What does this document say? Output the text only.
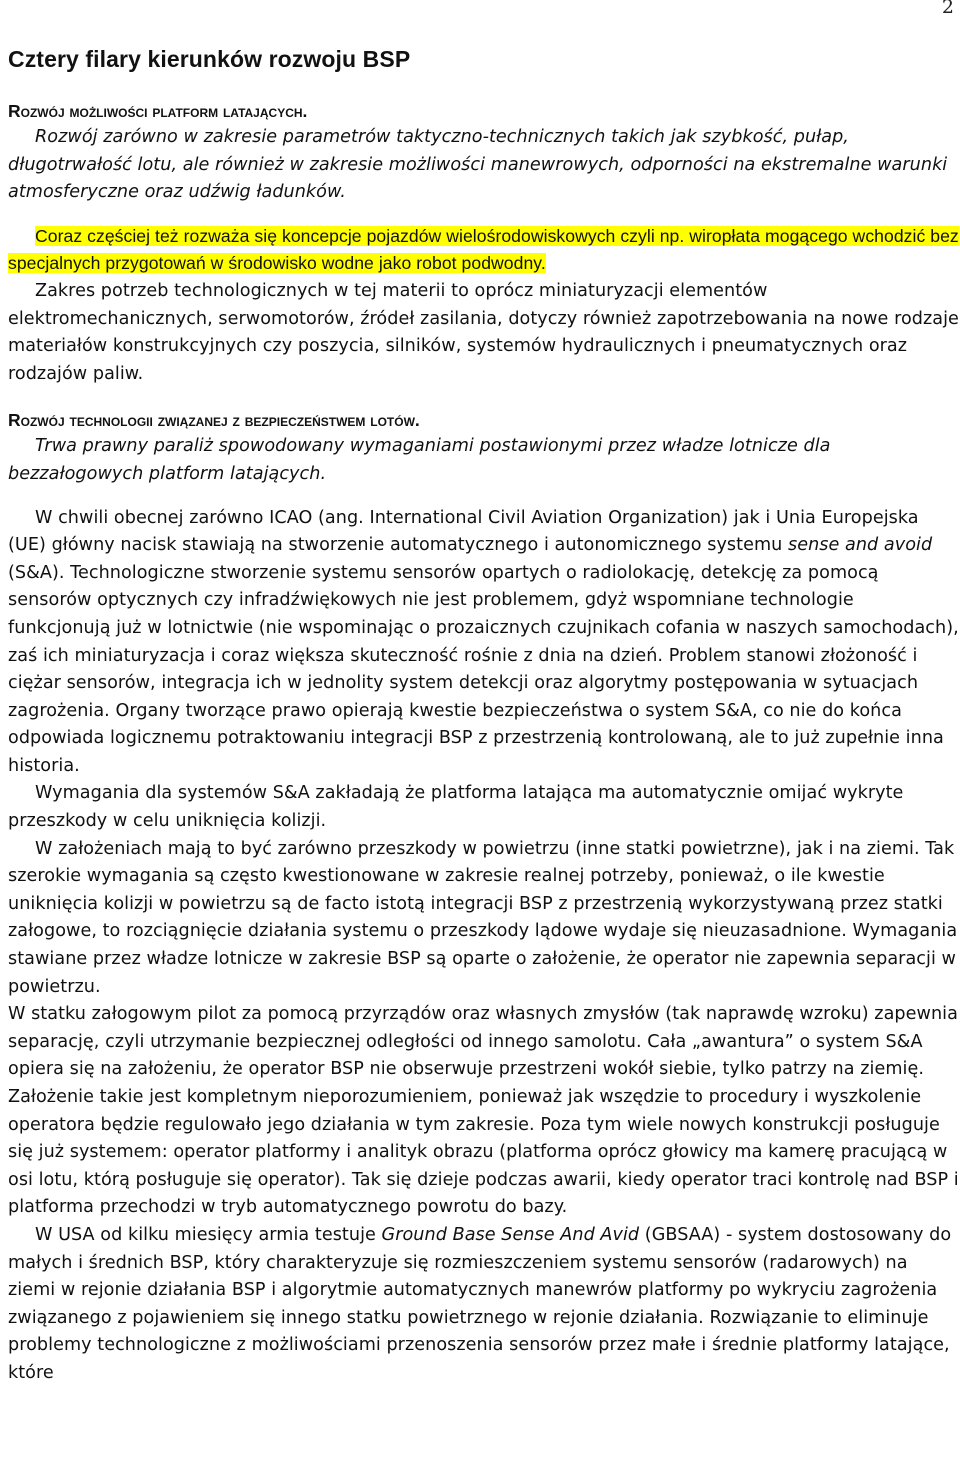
2
Cztery filary kierunków rozwoju BSP
Rozwój możliwości platform latających.

Rozwój zarówno w zakresie parametrów taktyczno-technicznych takich jak szybkość, pułap, długotrwałość lotu, ale również w zakresie możliwości manewrowych, odporności na ekstremalne warunki atmosferyczne oraz udźwig ładunków.

Coraz częściej też rozważa się koncepcje pojazdów wielośrodowiskowych czyli np. wiropłata mogącego wchodzić bez specjalnych przygotowań w środowisko wodne jako robot podwodny.

Zakres potrzeb technologicznych w tej materii to oprócz miniaturyzacji elementów elektromechanicznych, serwomotorów, źródeł zasilania, dotyczy również zapotrzebowania na nowe rodzaje materiałów konstrukcyjnych czy poszycia, silników, systemów hydraulicznych i pneumatycznych oraz rodzajów paliw.

Rozwój technologii związanej z bezpieczeństwem lotów.

Trwa prawny paraliż spowodowany wymaganiami postawionymi przez władze lotnicze dla bezzałogowych platform latających.

W chwili obecnej zarówno ICAO (ang. International Civil Aviation Organization) jak i Unia Europejska (UE) główny nacisk stawiają na stworzenie automatycznego i autonomicznego systemu sense and avoid (S&A). Technologiczne stworzenie systemu sensorów opartych o radiolokację, detekcję za pomocą sensorów optycznych czy infradźwiękowych nie jest problemem, gdyż wspomniane technologie funkcjonują już w lotnictwie (nie wspominając o prozaicznych czujnikach cofania w naszych samochodach), zaś ich miniaturyzacja i coraz większa skuteczność rośnie z dnia na dzień. Problem stanowi złożoność i ciężar sensorów, integracja ich w jednolity system detekcji oraz algorytmy postępowania w sytuacjach zagrożenia. Organy tworzące prawo opierają kwestie bezpieczeństwa o system S&A, co nie do końca odpowiada logicznemu potraktowaniu integracji BSP z przestrzenią kontrolowaną, ale to już zupełnie inna historia.

Wymagania dla systemów S&A zakładają że platforma latająca ma automatycznie omijać wykryte przeszkody w celu uniknięcia kolizji.

W założeniach mają to być zarówno przeszkody w powietrzu (inne statki powietrzne), jak i na ziemi. Tak szerokie wymagania są często kwestionowane w zakresie realnej potrzeby, ponieważ, o ile kwestie uniknięcia kolizji w powietrzu są de facto istotą integracji BSP z przestrzenią wykorzystywaną przez statki załogowe, to rozciągnięcie działania systemu o przeszkody lądowe wydaje się nieuzasadnione. Wymagania stawiane przez władze lotnicze w zakresie BSP są oparte o założenie, że operator nie zapewnia separacji w powietrzu.

W statku załogowym pilot za pomocą przyrządów oraz własnych zmysłów (tak naprawdę wzroku) zapewnia separację, czyli utrzymanie bezpiecznej odległości od innego samolotu. Cała „awantura” o system S&A opiera się na założeniu, że operator BSP nie obserwuje przestrzeni wokół siebie, tylko patrzy na ziemię. Założenie takie jest kompletnym nieporozumieniem, ponieważ jak wszędzie to procedury i wyszkolenie operatora będzie regulowało jego działania w tym zakresie. Poza tym wiele nowych konstrukcji posługuje się już systemem: operator platformy i analityk obrazu (platforma oprócz głowicy ma kamerę pracującą w osi lotu, którą posługuje się operator). Tak się dzieje podczas awarii, kiedy operator traci kontrolę nad BSP i platforma przechodzi w tryb automatycznego powrotu do bazy.

W USA od kilku miesięcy armia testuje Ground Base Sense And Avid (GBSAA) - system dostosowany do małych i średnich BSP, który charakteryzuje się rozmieszczeniem systemu sensorów (radarowych) na ziemi w rejonie działania BSP i algorytmie automatycznych manewrów platformy po wykryciu zagrożenia związanego z pojawieniem się innego statku powietrznego w rejonie działania. Rozwiązanie to eliminuje problemy technologiczne z możliwościami przenoszenia sensorów przez małe i średnie platformy latające, które
